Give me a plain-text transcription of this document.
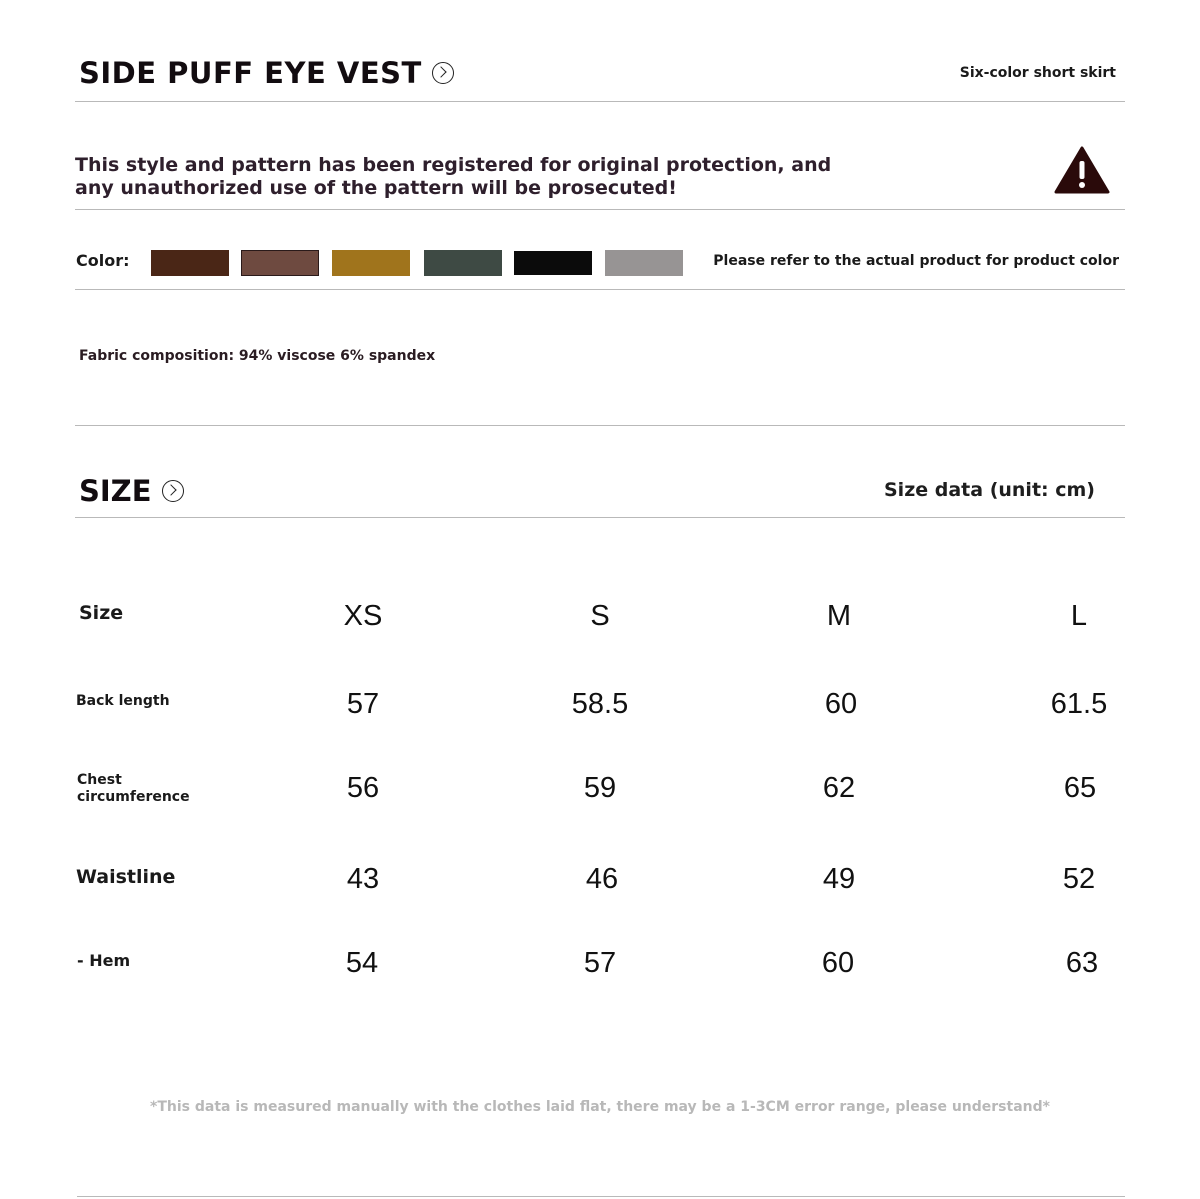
SIDE PUFF EYE VEST	Six-color short skirt
This style and pattern has been registered for original protection, and any unauthorized use of the pattern will be prosecuted!
Color:	Please refer to the actual product for product color
Fabric composition: 94% viscose 6% spandex
SIZE	Size data (unit: cm)
Size	XS	S	M	L
Back length	57	58.5	60	61.5
Chest
circumference	56	59	62	65
Waistline	43	46	49	52
- Hem	54	57	60	63
*This data is measured manually with the clothes laid flat, there may be a 1-3CM error range, please understand*
